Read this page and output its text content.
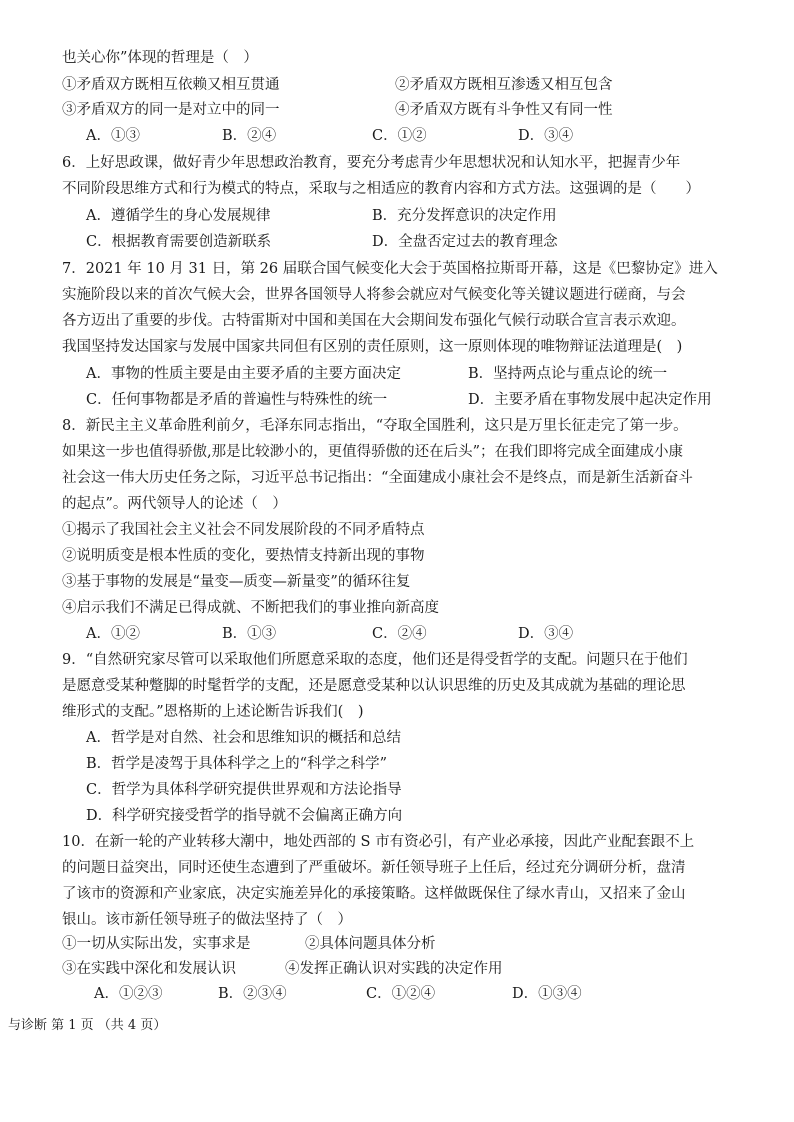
也关心你”体现的哲理是（　）
①矛盾双方既相互依赖又相互贯通	②矛盾双方既相互渗透又相互包含
③矛盾双方的同一是对立中的同一	④矛盾双方既有斗争性又有同一性
A．①③	B．②④	C．①②	D．③④
6．上好思政课，做好青少年思想政治教育，要充分考虑青少年思想状况和认知水平，把握青少年
不同阶段思维方式和行为模式的特点，采取与之相适应的教育内容和方式方法。这强调的是（　　）
A．遵循学生的身心发展规律	B．充分发挥意识的决定作用
C．根据教育需要创造新联系	D．全盘否定过去的教育理念
7．2021 年 10 月 31 日，第 26 届联合国气候变化大会于英国格拉斯哥开幕，这是《巴黎协定》进入
实施阶段以来的首次气候大会，世界各国领导人将参会就应对气候变化等关键议题进行磋商，与会
各方迈出了重要的步伐。古特雷斯对中国和美国在大会期间发布强化气候行动联合宣言表示欢迎。
我国坚持发达国家与发展中国家共同但有区别的责任原则，这一原则体现的唯物辩证法道理是(　)
A．事物的性质主要是由主要矛盾的主要方面决定	B．坚持两点论与重点论的统一
C．任何事物都是矛盾的普遍性与特殊性的统一	D．主要矛盾在事物发展中起决定作用
8．新民主主义革命胜利前夕，毛泽东同志指出，“夺取全国胜利，这只是万里长征走完了第一步。
如果这一步也值得骄傲,那是比较渺小的，更值得骄傲的还在后头”；在我们即将完成全面建成小康
社会这一伟大历史任务之际，习近平总书记指出：“全面建成小康社会不是终点，而是新生活新奋斗
的起点”。两代领导人的论述（　）
①揭示了我国社会主义社会不同发展阶段的不同矛盾特点
②说明质变是根本性质的变化，要热情支持新出现的事物
③基于事物的发展是“量变—质变—新量变”的循环往复
④启示我们不满足已得成就、不断把我们的事业推向新高度
A．①②	B．①③	C．②④	D．③④
9．“自然研究家尽管可以采取他们所愿意采取的态度，他们还是得受哲学的支配。问题只在于他们
是愿意受某种蹩脚的时髦哲学的支配，还是愿意受某种以认识思维的历史及其成就为基础的理论思
维形式的支配。”恩格斯的上述论断告诉我们(　)
A．哲学是对自然、社会和思维知识的概括和总结
B．哲学是凌驾于具体科学之上的“科学之科学”
C．哲学为具体科学研究提供世界观和方法论指导
D．科学研究接受哲学的指导就不会偏离正确方向
10．在新一轮的产业转移大潮中，地处西部的 S 市有资必引，有产业必承接，因此产业配套跟不上
的问题日益突出，同时还使生态遭到了严重破坏。新任领导班子上任后，经过充分调研分析，盘清
了该市的资源和产业家底，决定实施差异化的承接策略。这样做既保住了绿水青山，又招来了金山
银山。该市新任领导班子的做法坚持了（　）
①一切从实际出发，实事求是	②具体问题具体分析
③在实践中深化和发展认识	④发挥正确认识对实践的决定作用
A．①②③	B．②③④	C．①②④	D．①③④
与诊断 第 1 页 （共 4 页）
